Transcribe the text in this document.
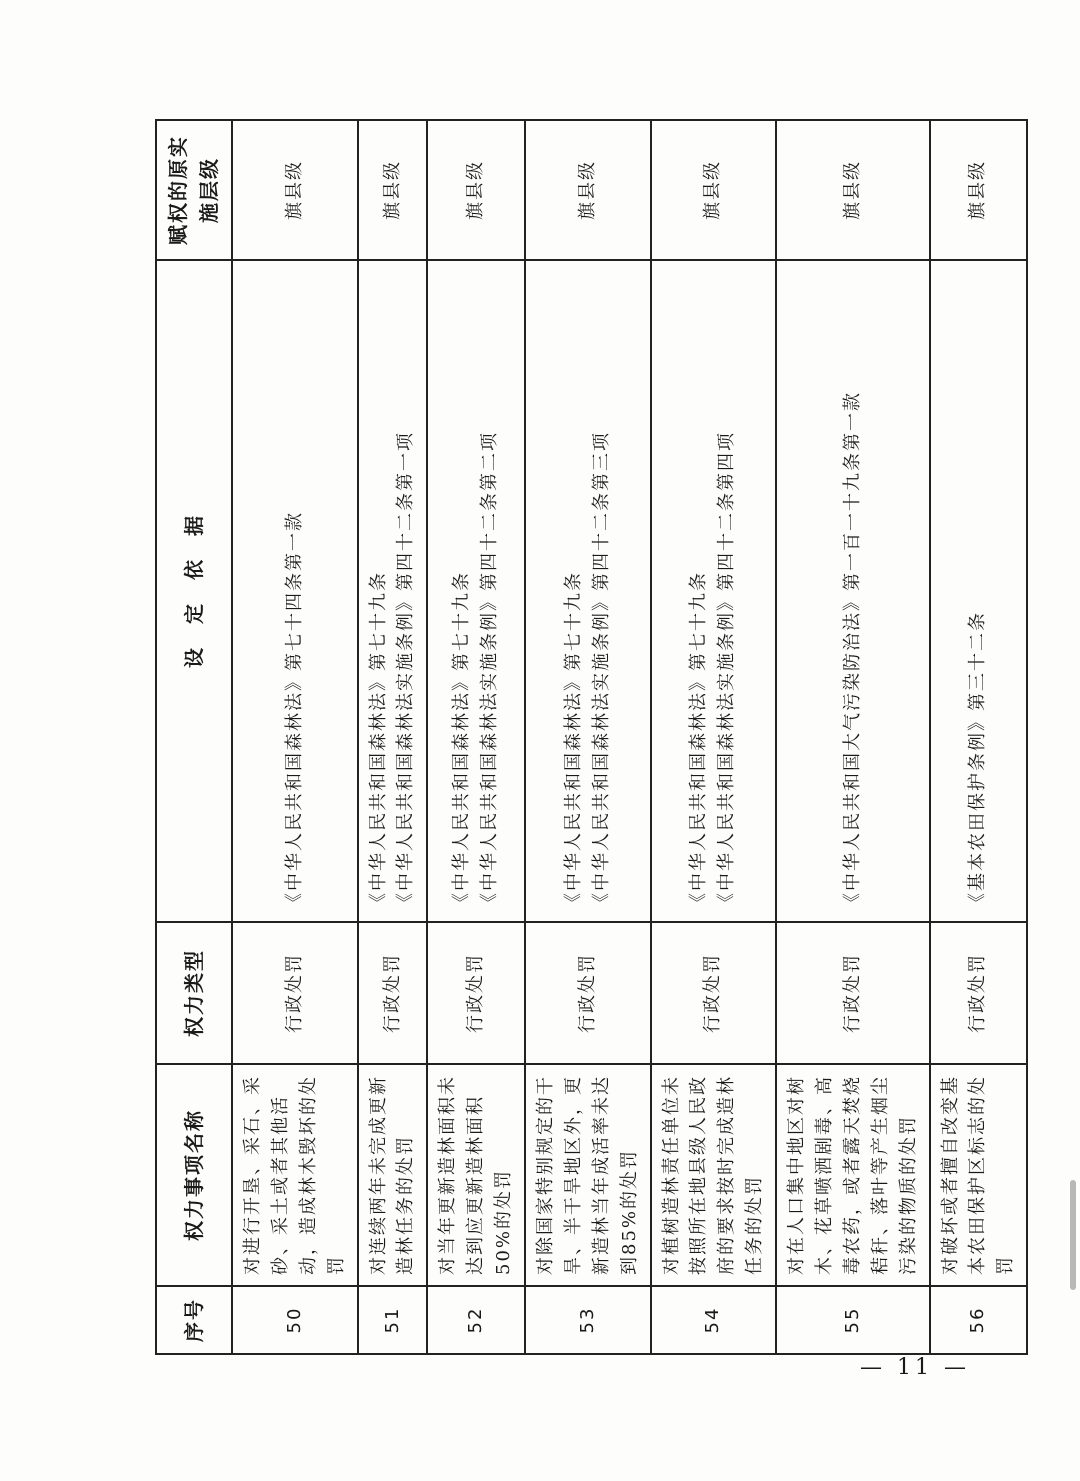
序号	权力事项名称	权力类型	设　定　依　据	赋权的原实施层级
50	对进行开垦、采石、采砂、采土或者其他活动，造成林木毁坏的处罚	行政处罚	《中华人民共和国森林法》第七十四条第一款	旗县级
51	对连续两年未完成更新造林任务的处罚	行政处罚	《中华人民共和国森林法》第七十九条 《中华人民共和国森林法实施条例》第四十二条第一项	旗县级
52	对当年更新造林面积未达到应更新造林面积50%的处罚	行政处罚	《中华人民共和国森林法》第七十九条 《中华人民共和国森林法实施条例》第四十二条第二项	旗县级
53	对除国家特别规定的干旱、半干旱地区外，更新造林当年成活率未达到85%的处罚	行政处罚	《中华人民共和国森林法》第七十九条 《中华人民共和国森林法实施条例》第四十二条第三项	旗县级
54	对植树造林责任单位未按照所在地县级人民政府的要求按时完成造林任务的处罚	行政处罚	《中华人民共和国森林法》第七十九条 《中华人民共和国森林法实施条例》第四十二条第四项	旗县级
55	对在人口集中地区对树木、花草喷洒剧毒、高毒农药，或者露天焚烧秸秆、落叶等产生烟尘污染的物质的处罚	行政处罚	《中华人民共和国大气污染防治法》第一百一十九条第一款	旗县级
56	对破坏或者擅自改变基本农田保护区标志的处罚	行政处罚	《基本农田保护条例》第三十二条	旗县级
— 11 —
